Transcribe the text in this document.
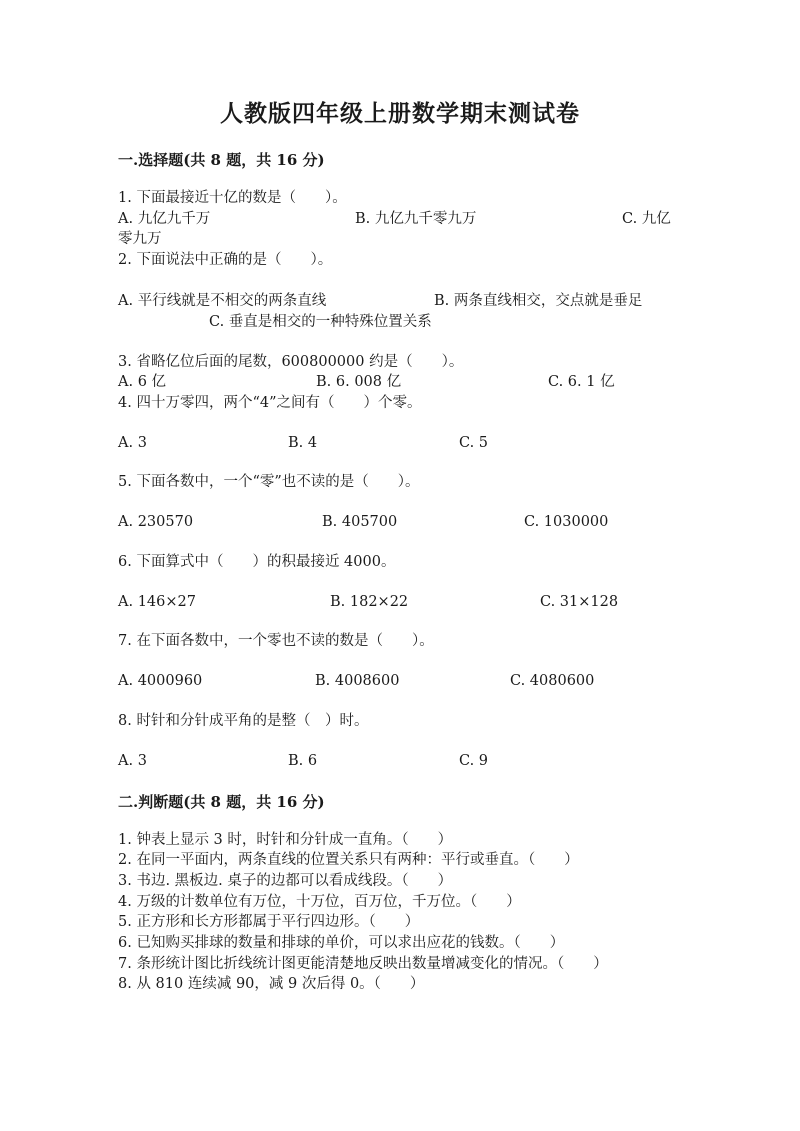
人教版四年级上册数学期末测试卷
一.选择题(共 8 题，共 16 分)
1. 下面最接近十亿的数是（　　）。
A. 九亿九千万	B. 九亿九千零九万	C. 九亿
零九万
2. 下面说法中正确的是（　　）。
A. 平行线就是不相交的两条直线	B. 两条直线相交，交点就是垂足
C. 垂直是相交的一种特殊位置关系
3. 省略亿位后面的尾数，600800000 约是（　　）。
A. 6 亿	B. 6. 008 亿	C. 6. 1 亿
4. 四十万零四，两个“4”之间有（　　）个零。
A. 3	B. 4	C. 5
5. 下面各数中，一个“零”也不读的是（　　）。
A. 230570	B. 405700	C. 1030000
6. 下面算式中（　　）的积最接近 4000。
A. 146×27	B. 182×22	C. 31×128
7. 在下面各数中，一个零也不读的数是（　　）。
A. 4000960	B. 4008600	C. 4080600
8. 时针和分针成平角的是整（　）时。
A. 3	B. 6	C. 9
二.判断题(共 8 题，共 16 分)
1. 钟表上显示 3 时，时针和分针成一直角。（　　）
2. 在同一平面内，两条直线的位置关系只有两种：平行或垂直。（　　）
3. 书边. 黑板边. 桌子的边都可以看成线段。（　　）
4. 万级的计数单位有万位，十万位，百万位，千万位。（　　）
5. 正方形和长方形都属于平行四边形。（　　）
6. 已知购买排球的数量和排球的单价，可以求出应花的钱数。（　　）
7. 条形统计图比折线统计图更能清楚地反映出数量增减变化的情况。（　　）
8. 从 810 连续减 90，减 9 次后得 0。（　　）
